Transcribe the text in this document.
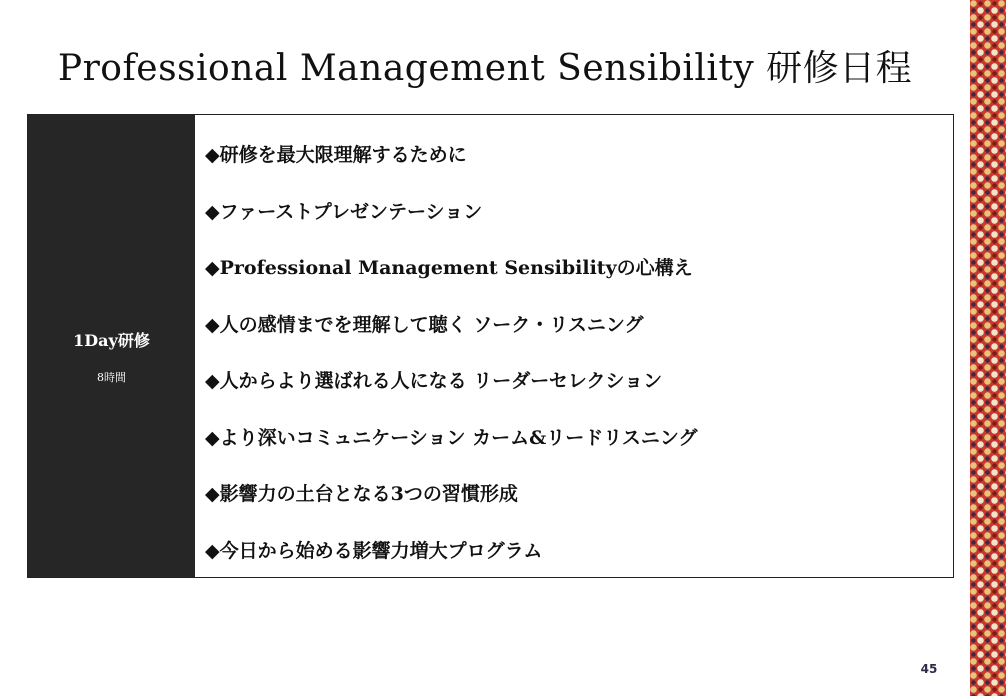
Professional Management Sensibility 研修日程
1Day研修
8時間
◆研修を最大限理解するために
◆ファーストプレゼンテーション
◆Professional Management Sensibilityの心構え
◆人の感情までを理解して聴く ソーク・リスニング
◆人からより選ばれる人になる リーダーセレクション
◆より深いコミュニケーション カーム&リードリスニング
◆影響力の土台となる3つの習慣形成
◆今日から始める影響力増大プログラム
45
